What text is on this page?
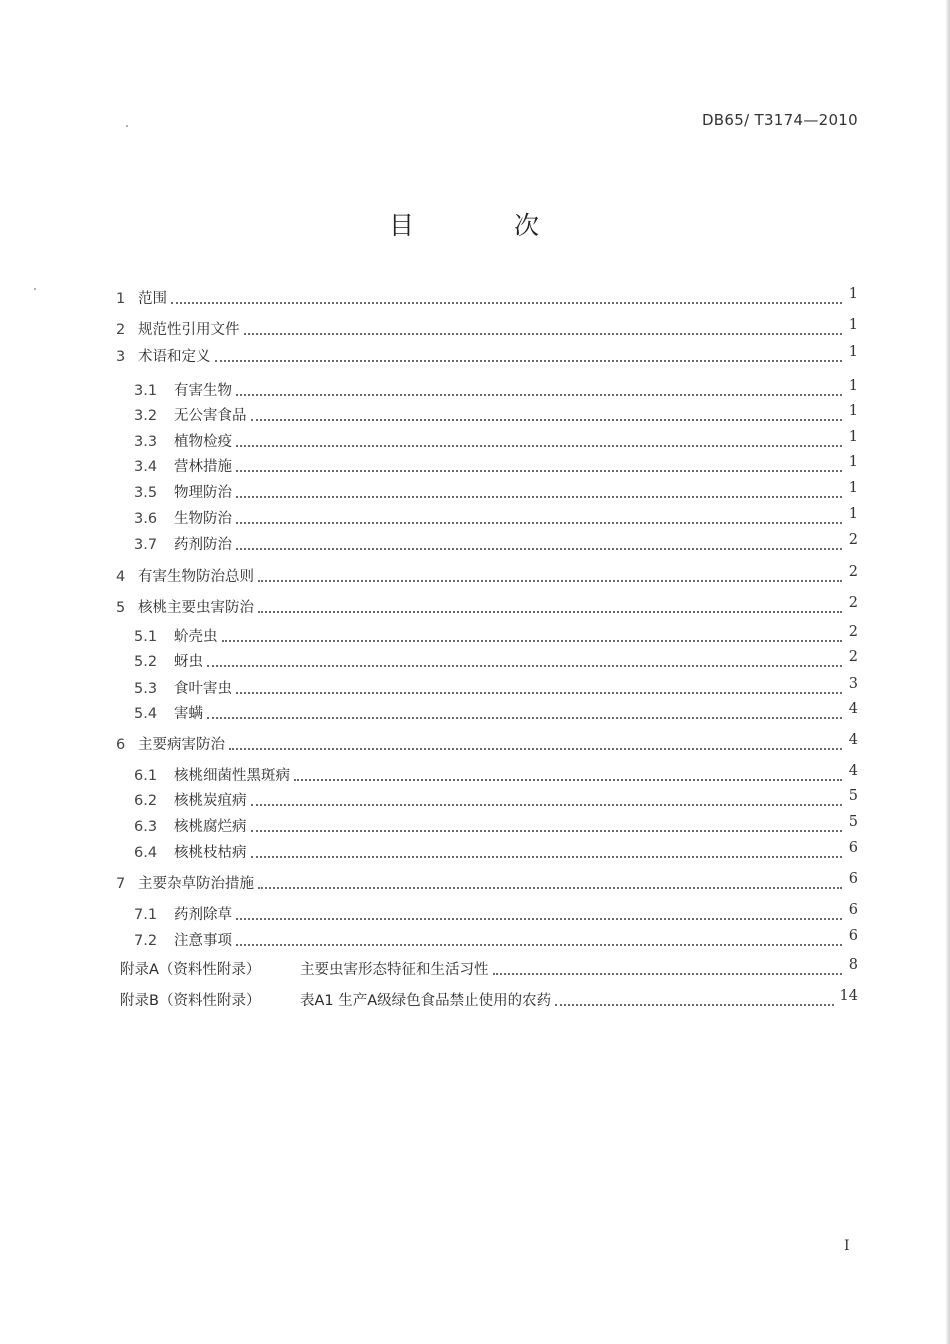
DB65/ T3174—2010
目 次
1 范围	1
2 规范性引用文件	1
3 术语和定义	1
3.1	有害生物	1
3.2	无公害食品	1
3.3	植物检疫	1
3.4	营林措施	1
3.5	物理防治	1
3.6	生物防治	1
3.7	药剂防治	2
4 有害生物防治总则	2
5 核桃主要虫害防治	2
5.1	蚧壳虫	2
5.2	蚜虫	2
5.3	食叶害虫	3
5.4	害螨	4
6 主要病害防治	4
6.1	核桃细菌性黑斑病	4
6.2	核桃炭疽病	5
6.3	核桃腐烂病	5
6.4	核桃枝枯病	6
7 主要杂草防治措施	6
7.1	药剂除草	6
7.2	注意事项	6
附录A（资料性附录）	主要虫害形态特征和生活习性	8
附录B（资料性附录）	表A1 生产A级绿色食品禁止使用的农药	14
I
